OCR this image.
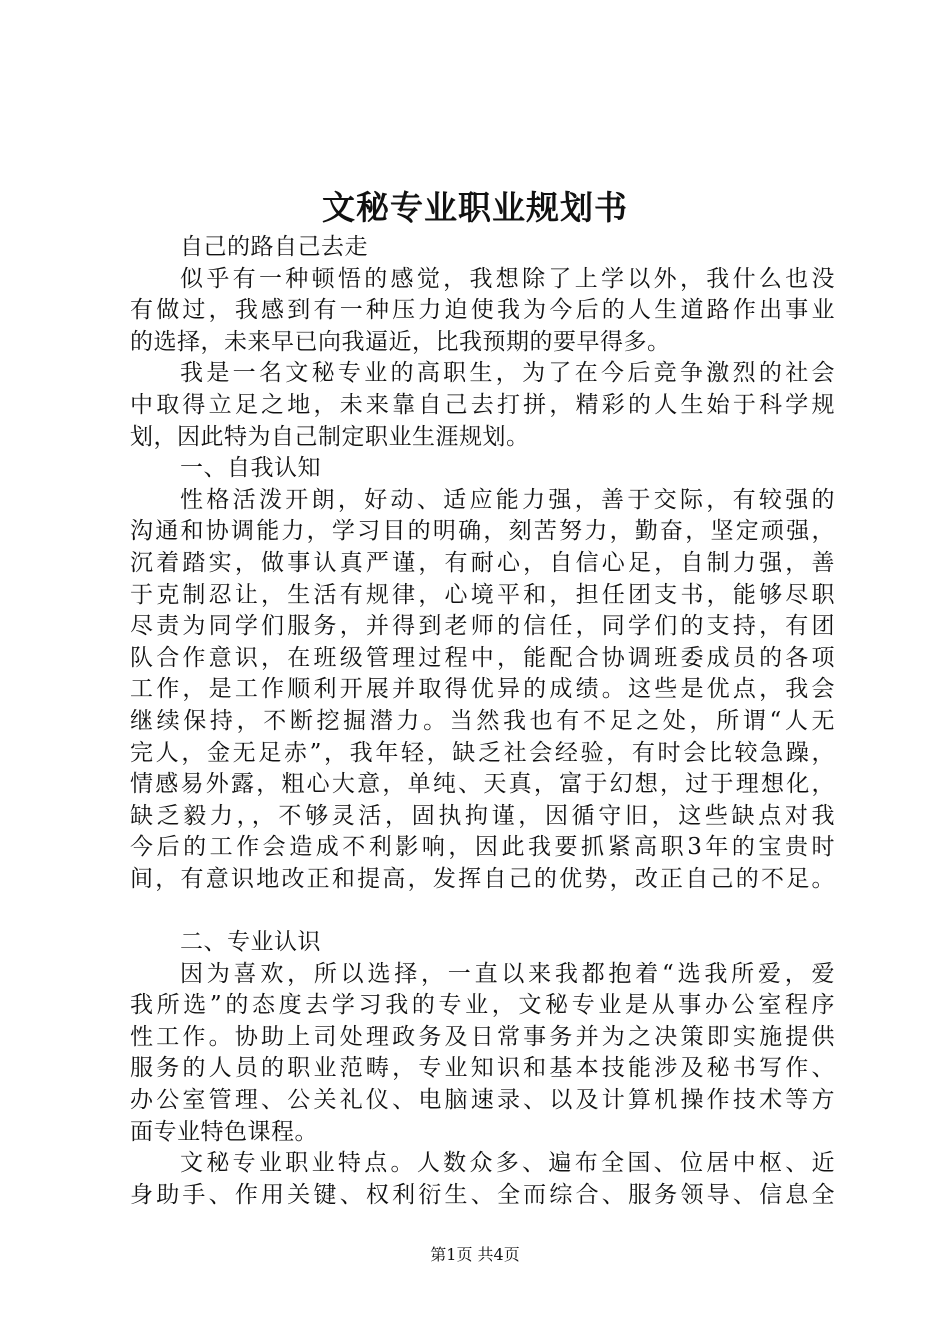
文秘专业职业规划书
自己的路自己去走
似乎有一种顿悟的感觉，我想除了上学以外，我什么也没
有做过，我感到有一种压力迫使我为今后的人生道路作出事业
的选择，未来早已向我逼近，比我预期的要早得多。
我是一名文秘专业的高职生，为了在今后竞争激烈的社会
中取得立足之地，未来靠自己去打拼，精彩的人生始于科学规
划，因此特为自己制定职业生涯规划。
一、自我认知
性格活泼开朗，好动、适应能力强，善于交际，有较强的
沟通和协调能力，学习目的明确，刻苦努力，勤奋，坚定顽强，
沉着踏实，做事认真严谨，有耐心，自信心足，自制力强，善
于克制忍让，生活有规律，心境平和，担任团支书，能够尽职
尽责为同学们服务，并得到老师的信任，同学们的支持，有团
队合作意识，在班级管理过程中，能配合协调班委成员的各项
工作，是工作顺利开展并取得优异的成绩。这些是优点，我会
继续保持，不断挖掘潜力。当然我也有不足之处，所谓“人无
完人，金无足赤”，我年轻，缺乏社会经验，有时会比较急躁，
情感易外露，粗心大意，单纯、天真，富于幻想，过于理想化，
缺乏毅力，，不够灵活，固执拘谨，因循守旧，这些缺点对我
今后的工作会造成不利影响，因此我要抓紧高职3年的宝贵时
间，有意识地改正和提高，发挥自己的优势，改正自己的不足。
二、专业认识
因为喜欢，所以选择，一直以来我都抱着“选我所爱，爱
我所选”的态度去学习我的专业，文秘专业是从事办公室程序
性工作。协助上司处理政务及日常事务并为之决策即实施提供
服务的人员的职业范畴，专业知识和基本技能涉及秘书写作、
办公室管理、公关礼仪、电脑速录、以及计算机操作技术等方
面专业特色课程。
文秘专业职业特点。人数众多、遍布全国、位居中枢、近
身助手、作用关键、权利衍生、全而综合、服务领导、信息全
第1页 共4页
